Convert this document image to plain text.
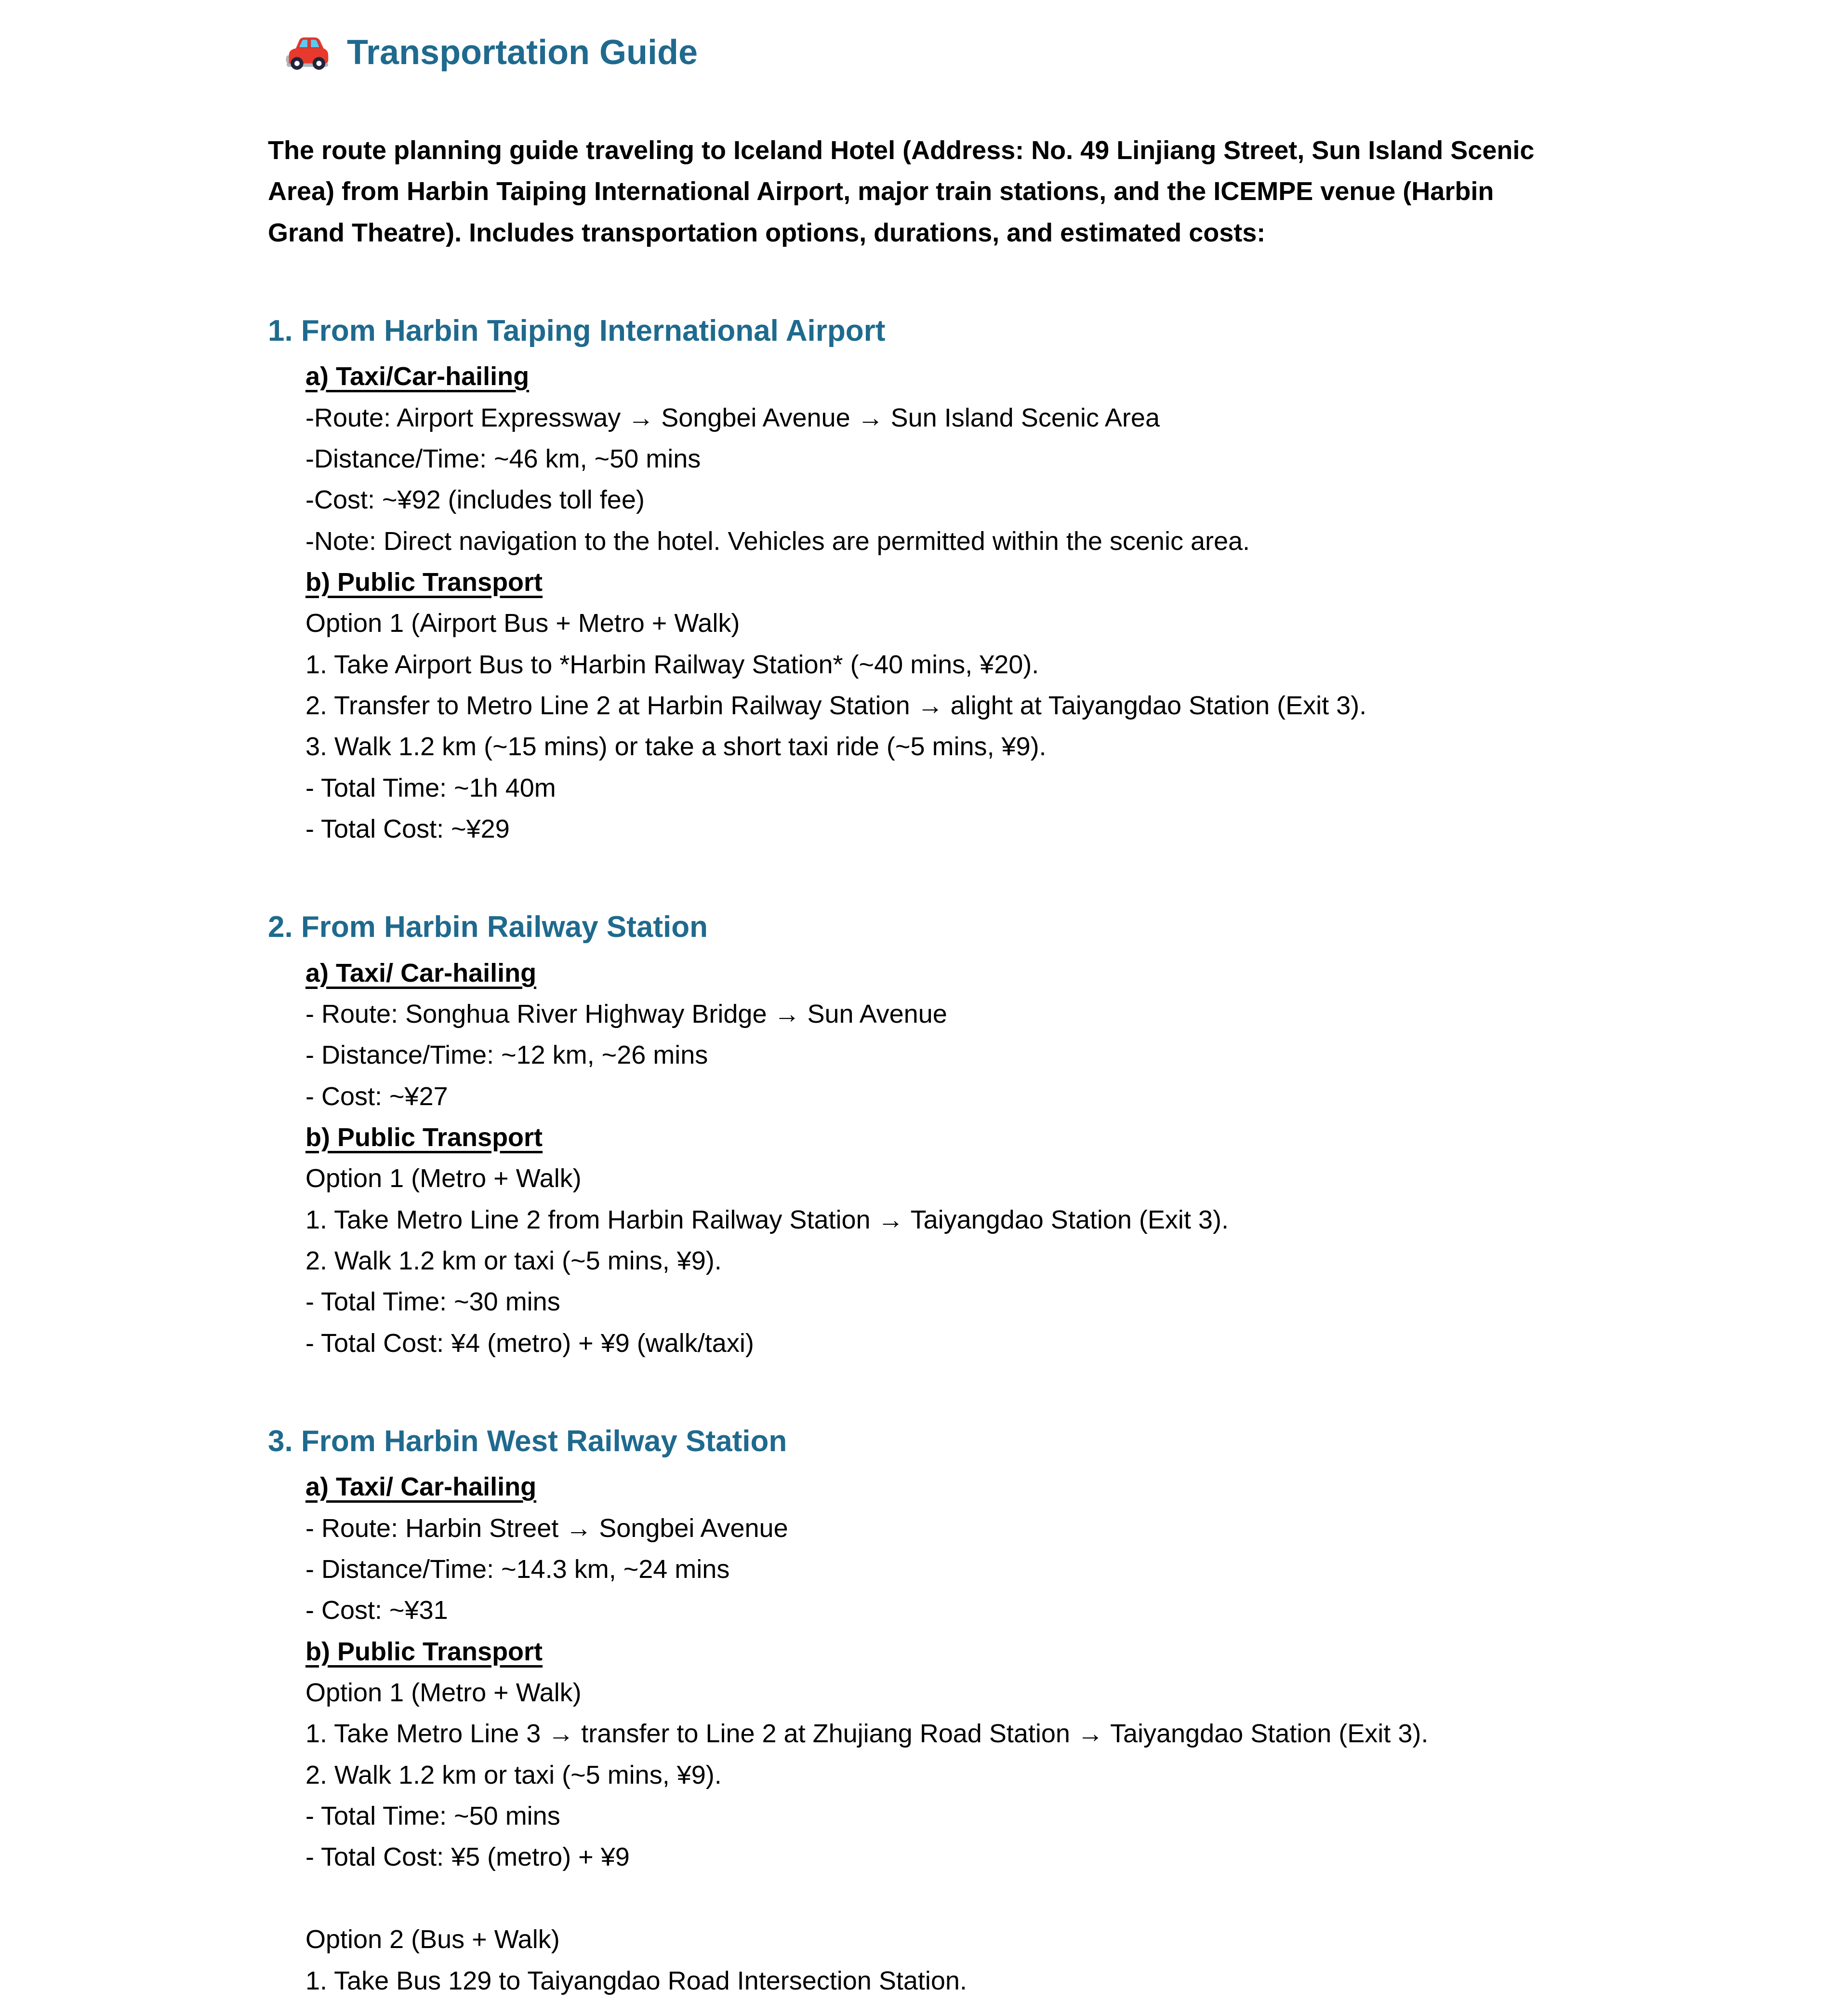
Transportation Guide

The route planning guide traveling to Iceland Hotel (Address: No. 49 Linjiang Street, Sun Island Scenic Area) from Harbin Taiping International Airport, major train stations, and the ICEMPE venue (Harbin Grand Theatre). Includes transportation options, durations, and estimated costs:

1. From Harbin Taiping International Airport

a) Taxi/Car-hailing

-Route: Airport Expressway → Songbei Avenue → Sun Island Scenic Area

-Distance/Time: ~46 km, ~50 mins

-Cost: ~¥92 (includes toll fee)

-Note: Direct navigation to the hotel. Vehicles are permitted within the scenic area.

b) Public Transport

Option 1 (Airport Bus + Metro + Walk)

1. Take Airport Bus to *Harbin Railway Station* (~40 mins, ¥20).

2. Transfer to Metro Line 2 at Harbin Railway Station → alight at Taiyangdao Station (Exit 3).

3. Walk 1.2 km (~15 mins) or take a short taxi ride (~5 mins, ¥9).

- Total Time: ~1h 40m

- Total Cost: ~¥29

2. From Harbin Railway Station

a) Taxi/ Car-hailing

- Route: Songhua River Highway Bridge → Sun Avenue

- Distance/Time: ~12 km, ~26 mins

- Cost: ~¥27

b) Public Transport

Option 1 (Metro + Walk)

1. Take Metro Line 2 from Harbin Railway Station → Taiyangdao Station (Exit 3).

2. Walk 1.2 km or taxi (~5 mins, ¥9).

- Total Time: ~30 mins

- Total Cost: ¥4 (metro) + ¥9 (walk/taxi)

3. From Harbin West Railway Station

a) Taxi/ Car-hailing

- Route: Harbin Street → Songbei Avenue

- Distance/Time: ~14.3 km, ~24 mins

- Cost: ~¥31

b) Public Transport

Option 1 (Metro + Walk)

1. Take Metro Line 3 → transfer to Line 2 at Zhujiang Road Station → Taiyangdao Station (Exit 3).

2. Walk 1.2 km or taxi (~5 mins, ¥9).

- Total Time: ~50 mins

- Total Cost: ¥5 (metro) + ¥9

Option 2 (Bus + Walk)

1. Take Bus 129 to Taiyangdao Road Intersection Station.
